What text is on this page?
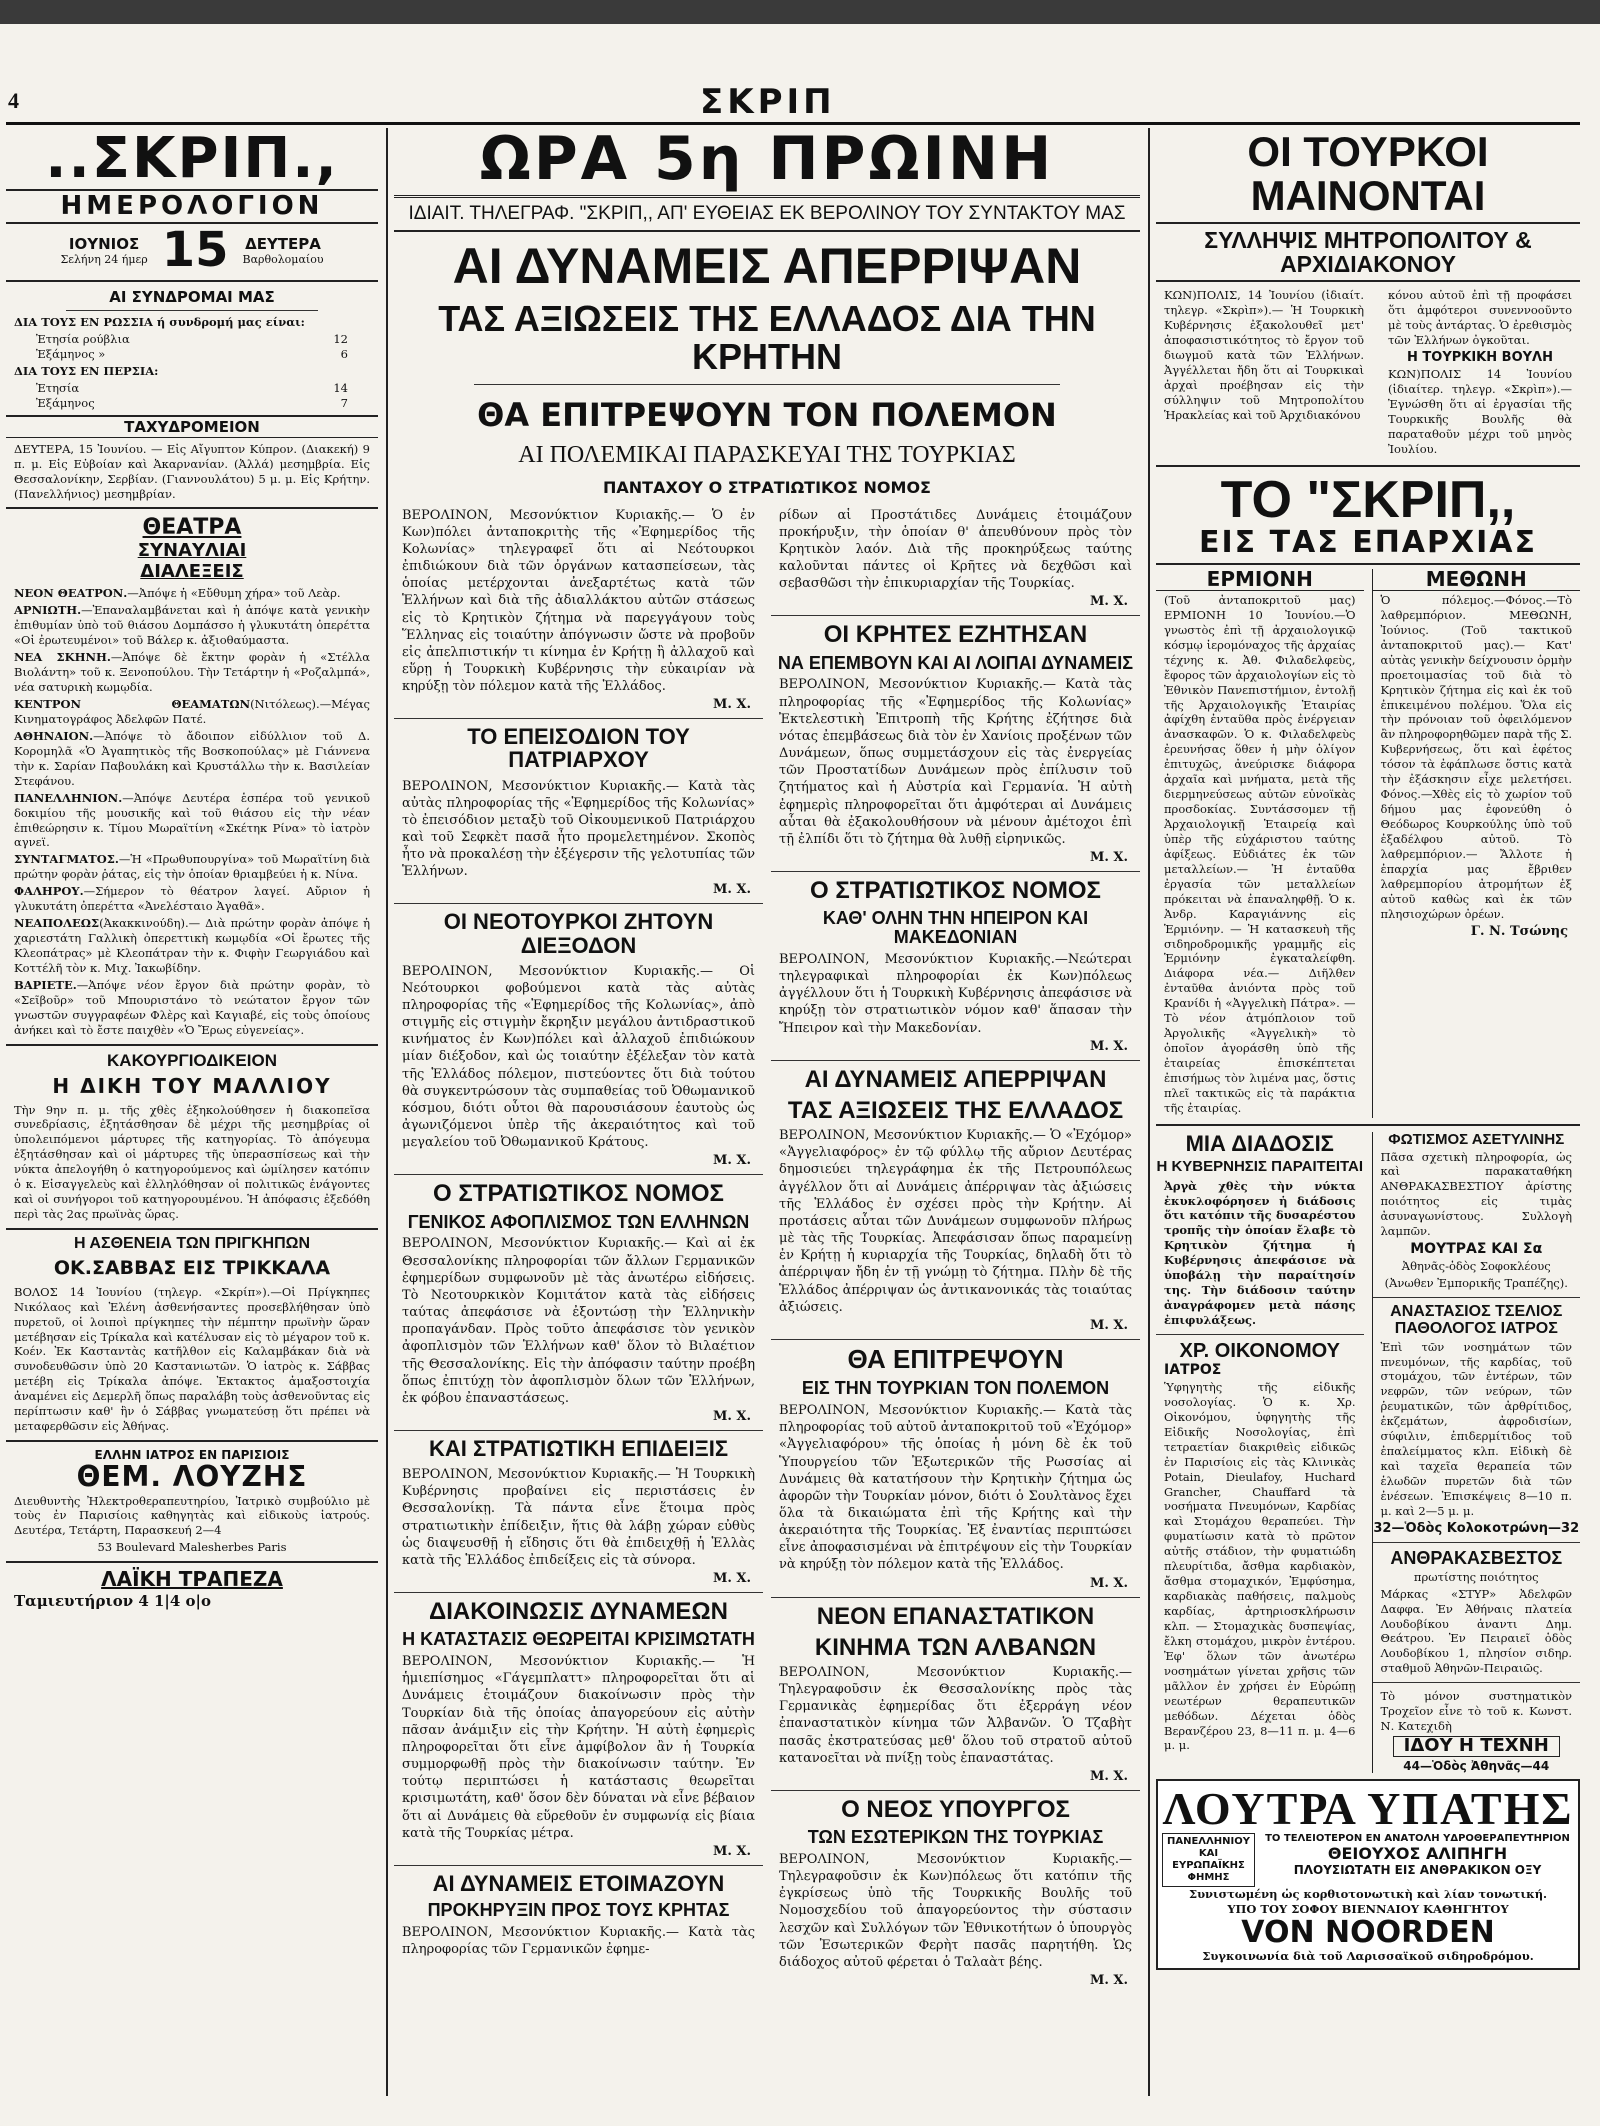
4	ΣΚΡΙΠ
..ΣΚΡΙΠ.,
ΗΜΕΡΟΛΟΓΙΟΝ
ΙΟΥΝΙΟΣ
Σελήνη 24 ήμερ 15 ΔΕΥΤΕΡΑ
Βαρθολομαίου
ΑΙ ΣΥΝΔΡΟΜΑΙ ΜΑΣ
ΔΙΑ ΤΟΥΣ ΕΝ ΡΩΣΣΙΑ ή συνδρομή μας είναι:
Ἐτησία ρούβλια	12
Ἐξάμηνος »	6
ΔΙΑ ΤΟΥΣ ΕΝ ΠΕΡΣΙΑ:
Ἐτησία	14
Ἐξάμηνος	7
ΤΑΧΥΔΡΟΜΕΙΟΝ
ΔΕΥΤΕΡΑ, 15 Ἰουνίου. — Εἰς Αἴγυπτον Κύπρον. (Διακεκή) 9 π. μ. Εἰς Εὐβοίαν καὶ Ἀκαρνανίαν. (Ἀλλά) μεσημβρία. Εἰς Θεσσαλονίκην, Σερβίαν. (Γιαννουλάτου) 5 μ. μ. Εἰς Κρήτην. (Πανελλήνιος) μεσημβρίαν.
ΘΕΑΤΡΑ
ΣΥΝΑΥΛΙΑΙ
ΔΙΑΛΕΞΕΙΣ
ΝΕΟΝ ΘΕΑΤΡΟΝ.—Ἀπόψε ἡ «Εὔθυμη χήρα» τοῦ Λεὰρ.
ΑΡΝΙΩΤΗ.—Ἐπαναλαμβάνεται καὶ ἡ ἀπόψε κατὰ γενικὴν ἐπιθυμίαν ὑπὸ τοῦ θιάσου Δομπάσσο ἡ γλυκυτάτη ὀπερέττα «Οἱ ἐρωτευμένοι» τοῦ Βάλερ κ. ἀξιοθαύμαστα.
ΝΕΑ ΣΚΗΝΗ.—Ἀπόψε δὲ ἔκτην φορὰν ἡ «Στέλλα Βιολάντη» τοῦ κ. Ξενοπούλου. Τὴν Τετάρτην ἡ «Ροζαλμπά», νέα σατυρικὴ κωμῳδία.
ΚΕΝΤΡΟΝ ΘΕΑΜΑΤΩΝ(Νιτόλεως).—Μέγας Κινηματογράφος Ἀδελφῶν Πατέ.
ΑΘΗΝΑΙΟΝ.—Ἀπόψε τὸ ἄδοιπον εἰδύλλιον τοῦ Δ. Κορομηλᾶ «Ὁ Ἀγαπητικὸς τῆς Βοσκοπούλας» μὲ Γιάννενα τὴν κ. Σαρίαν Παβουλάκη καὶ Κρυστάλλω τὴν κ. Βασιλείαν Στεφάνου.
ΠΑΝΕΛΛΗΝΙΟΝ.—Ἀπόψε Δευτέρα ἑσπέρα τοῦ γενικοῦ δοκιμίου τῆς μουσικῆς καὶ τοῦ θιάσου εἰς τὴν νέαν ἐπιθεώρησιν κ. Τίμου Μωραϊτίνη «Σκέτηκ Ρίνα» τὸ ἰατρὸν αγνεϊ.
ΣΥΝΤΑΓΜΑΤΟΣ.—Ἡ «Πρωθυπουργίνα» τοῦ Μωραϊτίνη διὰ πρώτην φορὰν ῥάτας, εἰς τὴν ὁποίαν θριαμβεύει ἡ κ. Νίνα.
ΦΑΛΗΡΟΥ.—Σήμερον τὸ θέατρον λαγεί. Αὔριον ἡ γλυκυτάτη ὀπερέττα «Ἀνελέσταιο Ἀγαθᾶ».
ΝΕΑΠΟΛΕΩΣ(Ἀκακκινούδη).— Διὰ πρώτην φορὰν ἀπόψε ἡ χαριεστάτη Γαλλικὴ ὀπερεττικὴ κωμῳδία «Οἱ ἔρωτες τῆς Κλεοπάτρας» μὲ Κλεοπάτραν τὴν κ. Φιφὴν Γεωργιάδου καὶ Κοττέλῆ τὸν κ. Μιχ. Ἰακωβίδην.
ΒΑΡΙΕΤΕ.—Ἀπόψε νέον ἔργον διὰ πρώτην φορὰν, τὸ «Σεῖβοῦρ» τοῦ Μπουριστάνο τὸ νεώτατον ἔργον τῶν γνωστῶν συγγραφέων Φλὲρς καὶ Καγιαβέ, εἰς τοὺς ὁποίους ἀνήκει καὶ τὸ ἔστε παιχθὲν «Ὁ Ἔρως εὐγενείας».
ΚΑΚΟΥΡΓΙΟΔΙΚΕΙΟΝ
Η ΔΙΚΗ ΤΟΥ ΜΑΛΛΙΟΥ
Τὴν 9ην π. μ. τῆς χθὲς ἐξηκολούθησεν ἡ διακοπεῖσα συνεδρίασις, ἐξητάσθησαν δὲ μέχρι τῆς μεσημβρίας οἱ ὑπολειπόμενοι μάρτυρες τῆς κατηγορίας. Τὸ ἀπόγευμα ἐξητάσθησαν καὶ οἱ μάρτυρες τῆς ὑπερασπίσεως καὶ τὴν νύκτα ἀπελογήθη ὁ κατηγορούμενος καὶ ὡμίλησεν κατόπιν ὁ κ. Εἰσαγγελεὺς καὶ ἐλληλόθησαν οἱ πολιτικῶς ἐνάγοντες καὶ οἱ συνήγοροι τοῦ κατηγορουμένου. Ἡ ἀπόφασις ἐξεδόθη περὶ τὰς 2ας πρωϊνὰς ὥρας.
Η ΑΣΘΕΝΕΙΑ ΤΩΝ ΠΡΙΓΚΗΠΩΝ
ΟΚ.ΣΑΒΒΑΣ ΕΙΣ ΤΡΙΚΚΑΛΑ
ΒΟΛΟΣ 14 Ἰουνίου (τηλεγρ. «Σκρίπ»).—Οἱ Πρίγκηπες Νικόλαος καὶ Ἑλένη ἀσθενήσαντες προσεβλήθησαν ὑπὸ πυρετοῦ, οἱ λοιποὶ πρίγκηπες τὴν πέμπτην πρωϊνὴν ὥραν μετέβησαν εἰς Τρίκαλα καὶ κατέλυσαν εἰς τὸ μέγαρον τοῦ κ. Κοέν. Ἐκ Κασταντὰς κατῆλθον εἰς Καλαμβάκαν διὰ νὰ συνοδευθῶσιν ὑπὸ 20 Καστανιωτῶν. Ὁ ἰατρὸς κ. Σάββας μετέβη εἰς Τρίκαλα ἀπόψε. Ἐκτακτος ἁμαξοστοιχία ἀναμένει εἰς Δεμερλῆ ὅπως παραλάβη τοὺς ἀσθενοῦντας εἰς περίπτωσιν καθ' ἣν ὁ Σάββας γνωματεύσῃ ὅτι πρέπει νὰ μεταφερθῶσιν εἰς Ἀθήνας.
ΕΛΛΗΝ ΙΑΤΡΟΣ ΕΝ ΠΑΡΙΣΙΟΙΣ
ΘΕΜ. ΛΟΥΖΗΣ
Διευθυντὴς Ἠλεκτροθεραπευτηρίου, Ἰατρικὸ συμβούλιο μὲ τοὺς ἐν Παρισίοις καθηγητὰς καὶ εἰδικοὺς ἰατρούς. Δευτέρα, Τετάρτη, Παρασκευή 2—4
53 Boulevard Malesherbes Paris
ΛΑΪΚΗ ΤΡΑΠΕΖΑ
Ταμιευτήριον 4 1|4 ο|ο
ΩΡΑ 5η ΠΡΩΙΝΗ
ΙΔΙΑΙΤ. ΤΗΛΕΓΡΑΦ. "ΣΚΡΙΠ,, ΑΠ' ΕΥΘΕΙΑΣ ΕΚ ΒΕΡΟΛΙΝΟΥ ΤΟΥ ΣΥΝΤΑΚΤΟΥ ΜΑΣ
ΑΙ ΔΥΝΑΜΕΙΣ ΑΠΕΡΡΙΨΑΝ
ΤΑΣ ΑΞΙΩΣΕΙΣ ΤΗΣ ΕΛΛΑΔΟΣ ΔΙΑ ΤΗΝ ΚΡΗΤΗΝ
ΘΑ ΕΠΙΤΡΕΨΟΥΝ ΤΟΝ ΠΟΛΕΜΟΝ
ΑΙ ΠΟΛΕΜΙΚΑΙ ΠΑΡΑΣΚΕΥΑΙ ΤΗΣ ΤΟΥΡΚΙΑΣ
ΠΑΝΤΑΧΟΥ Ο ΣΤΡΑΤΙΩΤΙΚΟΣ ΝΟΜΟΣ
ΒΕΡΟΛΙΝΟΝ, Μεσονύκτιον Κυριακῆς.— Ὁ ἐν Κων)πόλει ἀνταποκριτὴς τῆς «Ἐφημερίδος τῆς Κολωνίας» τηλεγραφεῖ ὅτι αἱ Νεότουρκοι ἐπιδιώκουν διὰ τῶν ὀργάνων κατασπείσεων, τὰς ὁποίας μετέρχονται ἀνεξαρτέτως κατὰ τῶν Ἑλλήνων καὶ διὰ τῆς ἀδιαλλάκτου αὐτῶν στάσεως εἰς τὸ Κρητικὸν ζήτημα νὰ παρεγγάγουν τοὺς Ἕλληνας εἰς τοιαύτην ἀπόγνωσιν ὥστε νὰ προβοῦν εἰς ἀπελπιστικήν τι κίνημα ἐν Κρήτῃ ἢ ἀλλαχοῦ καὶ εὕρῃ ἡ Τουρκικὴ Κυβέρνησις τὴν εὐκαιρίαν νὰ κηρύξῃ τὸν πόλεμον κατὰ τῆς Ἑλλάδος.
Μ. Χ.
ΤΟ ΕΠΕΙΣΟΔΙΟΝ ΤΟΥ ΠΑΤΡΙΑΡΧΟΥ
ΒΕΡΟΛΙΝΟΝ, Μεσονύκτιον Κυριακῆς.— Κατὰ τὰς αὐτὰς πληροφορίας τῆς «Ἐφημερίδος τῆς Κολωνίας» τὸ ἐπεισόδιον μεταξὺ τοῦ Οἰκουμενικοῦ Πατριάρχου καὶ τοῦ Σεφκὲτ πασᾶ ἦτο προμελετημένον. Σκοπὸς ἦτο νὰ προκαλέσῃ τὴν ἐξέγερσιν τῆς γελοτυπίας τῶν Ἑλλήνων.
Μ. Χ.
ΟΙ ΝΕΟΤΟΥΡΚΟΙ ΖΗΤΟΥΝ ΔΙΕΞΟΔΟΝ
ΒΕΡΟΛΙΝΟΝ, Μεσονύκτιον Κυριακῆς.— Οἱ Νεότουρκοι φοβούμενοι κατὰ τὰς αὐτὰς πληροφορίας τῆς «Ἐφημερίδος τῆς Κολωνίας», ἀπὸ στιγμῆς εἰς στιγμὴν ἔκρηξιν μεγάλου ἀντιδραστικοῦ κινήματος ἐν Κων)πόλει καὶ ἀλλαχοῦ ἐπιδιώκουν μίαν διέξοδον, καὶ ὡς τοιαύτην ἐξέλεξαν τὸν κατὰ τῆς Ἑλλάδος πόλεμον, πιστεύοντες ὅτι διὰ τούτου θὰ συγκεντρώσουν τὰς συμπαθείας τοῦ Ὀθωμανικοῦ κόσμου, διότι οὗτοι θὰ παρουσιάσουν ἑαυτοὺς ὡς ἀγωνιζόμενοι ὑπὲρ τῆς ἀκεραιότητος καὶ τοῦ μεγαλείου τοῦ Ὀθωμανικοῦ Κράτους.
Μ. Χ.
Ο ΣΤΡΑΤΙΩΤΙΚΟΣ ΝΟΜΟΣ
ΓΕΝΙΚΟΣ ΑΦΟΠΛΙΣΜΟΣ ΤΩΝ ΕΛΛΗΝΩΝ
ΒΕΡΟΛΙΝΟΝ, Μεσονύκτιον Κυριακῆς.— Καὶ αἱ ἐκ Θεσσαλονίκης πληροφορίαι τῶν ἄλλων Γερμανικῶν ἐφημερίδων συμφωνοῦν μὲ τὰς ἀνωτέρω εἰδήσεις. Τὸ Νεοτουρκικὸν Κομιτάτον κατὰ τὰς εἰδήσεις ταύτας ἀπεφάσισε νὰ ἐξοντώσῃ τὴν Ἑλληνικὴν προπαγάνδαν. Πρὸς τοῦτο ἀπεφάσισε τὸν γενικὸν ἀφοπλισμὸν τῶν Ἑλλήνων καθ' ὅλον τὸ Βιλαέτιον τῆς Θεσσαλονίκης. Εἰς τὴν ἀπόφασιν ταύτην προέβη ὅπως ἐπιτύχῃ τὸν ἀφοπλισμὸν ὅλων τῶν Ἑλλήνων, ἐκ φόβου ἐπαναστάσεως.
Μ. Χ.
ΚΑΙ ΣΤΡΑΤΙΩΤΙΚΗ ΕΠΙΔΕΙΞΙΣ
ΒΕΡΟΛΙΝΟΝ, Μεσονύκτιον Κυριακῆς.— Ἡ Τουρκικὴ Κυβέρνησις προβαίνει εἰς περιστάσεις ἐν Θεσσαλονίκῃ. Τὰ πάντα εἶνε ἕτοιμα πρὸς στρατιωτικὴν ἐπίδειξιν, ἥτις θὰ λάβῃ χώραν εὐθὺς ὡς διαψευσθῇ ἡ εἴδησις ὅτι θὰ ἐπιδειχθῇ ἡ Ἑλλὰς κατὰ τῆς Ἑλλάδος ἐπιδείξεις εἰς τὰ σύνορα.
Μ. Χ.
ΔΙΑΚΟΙΝΩΣΙΣ ΔΥΝΑΜΕΩΝ
Η ΚΑΤΑΣΤΑΣΙΣ ΘΕΩΡΕΙΤΑΙ ΚΡΙΣΙΜΩΤΑΤΗ
ΒΕΡΟΛΙΝΟΝ, Μεσονύκτιον Κυριακῆς.— Ἡ ἡμιεπίσημος «Γάγεμπλαττ» πληροφορεῖται ὅτι αἱ Δυνάμεις ἑτοιμάζουν διακοίνωσιν πρὸς τὴν Τουρκίαν διὰ τῆς ὁποίας ἀπαγορεύουν εἰς αὐτὴν πᾶσαν ἀνάμιξιν εἰς τὴν Κρήτην. Ἡ αὐτὴ ἐφημερὶς πληροφορεῖται ὅτι εἶνε ἀμφίβολον ἂν ἡ Τουρκία συμμορφωθῇ πρὸς τὴν διακοίνωσιν ταύτην. Ἐν τούτῳ περιπτώσει ἡ κατάστασις θεωρεῖται κρισιμωτάτη, καθ' ὅσον δὲν δύναται νὰ εἶνε βέβαιον ὅτι αἱ Δυνάμεις θὰ εὕρεθοῦν ἐν συμφωνίᾳ εἰς βίαια κατὰ τῆς Τουρκίας μέτρα.
Μ. Χ.
ΑΙ ΔΥΝΑΜΕΙΣ ΕΤΟΙΜΑΖΟΥΝ
ΠΡΟΚΗΡΥΞΙΝ ΠΡΟΣ ΤΟΥΣ ΚΡΗΤΑΣ
ΒΕΡΟΛΙΝΟΝ, Μεσονύκτιον Κυριακῆς.— Κατὰ τὰς πληροφορίας τῶν Γερμανικῶν ἐφημε-
ρίδων αἱ Προστάτιδες Δυνάμεις ἑτοιμάζουν προκήρυξιν, τὴν ὁποίαν θ' ἀπευθύνουν πρὸς τὸν Κρητικὸν λαόν. Διὰ τῆς προκηρύξεως ταύτης καλοῦνται πάντες οἱ Κρῆτες νὰ δεχθῶσι καὶ σεβασθῶσι τὴν ἐπικυριαρχίαν τῆς Τουρκίας.
Μ. Χ.
ΟΙ ΚΡΗΤΕΣ ΕΖΗΤΗΣΑΝ
ΝΑ ΕΠΕΜΒΟΥΝ ΚΑΙ ΑΙ ΛΟΙΠΑΙ ΔΥΝΑΜΕΙΣ
ΒΕΡΟΛΙΝΟΝ, Μεσονύκτιον Κυριακῆς.— Κατὰ τὰς πληροφορίας τῆς «Ἐφημερίδος τῆς Κολωνίας» Ἐκτελεστικὴ Ἐπιτροπὴ τῆς Κρήτης ἐζήτησε διὰ νότας ἐπεμβάσεως διὰ τὸν ἐν Χανίοις προξένων τῶν Δυνάμεων, ὅπως συμμετάσχουν εἰς τὰς ἐνεργείας τῶν Προστατίδων Δυνάμεων πρὸς ἐπίλυσιν τοῦ ζητήματος καὶ ἡ Αὐστρία καὶ Γερμανία. Ἡ αὐτὴ ἐφημερὶς πληροφορεῖται ὅτι ἀμφότεραι αἱ Δυνάμεις αὗται θὰ ἐξακολουθήσουν νὰ μένουν ἀμέτοχοι ἐπὶ τῇ ἐλπίδι ὅτι τὸ ζήτημα θὰ λυθῇ εἰρηνικῶς.
Μ. Χ.
Ο ΣΤΡΑΤΙΩΤΙΚΟΣ ΝΟΜΟΣ
ΚΑΘ' ΟΛΗΝ ΤΗΝ ΗΠΕΙΡΟΝ ΚΑΙ ΜΑΚΕΔΟΝΙΑΝ
ΒΕΡΟΛΙΝΟΝ, Μεσονύκτιον Κυριακῆς.—Νεώτεραι τηλεγραφικαὶ πληροφορίαι ἐκ Κων)πόλεως ἀγγέλλουν ὅτι ἡ Τουρκικὴ Κυβέρνησις ἀπεφάσισε νὰ κηρύξῃ τὸν στρατιωτικὸν νόμον καθ' ἅπασαν τὴν Ἤπειρον καὶ τὴν Μακεδονίαν.
Μ. Χ.
ΑΙ ΔΥΝΑΜΕΙΣ ΑΠΕΡΡΙΨΑΝ
ΤΑΣ ΑΞΙΩΣΕΙΣ ΤΗΣ ΕΛΛΑΔΟΣ
ΒΕΡΟΛΙΝΟΝ, Μεσονύκτιον Κυριακῆς.— Ὁ «Ἐχόμορ» «Ἀγγελιαφόρος» ἐν τῷ φύλλῳ τῆς αὔριον Δευτέρας δημοσιεύει τηλεγράφημα ἐκ τῆς Πετρουπόλεως ἀγγέλλον ὅτι αἱ Δυνάμεις ἀπέρριψαν τὰς ἀξιώσεις τῆς Ἑλλάδος ἐν σχέσει πρὸς τὴν Κρήτην. Αἱ προτάσεις αὗται τῶν Δυνάμεων συμφωνοῦν πλήρως μὲ τὰς τῆς Τουρκίας. Ἀπεφάσισαν ὅπως παραμείνῃ ἐν Κρήτῃ ἡ κυριαρχία τῆς Τουρκίας, δηλαδὴ ὅτι τὸ ἀπέρριψαν ἤδη ἐν τῇ γνώμῃ τὸ ζήτημα. Πλὴν δὲ τῆς Ἑλλάδος ἀπέρριψαν ὡς ἀντικανονικάς τὰς τοιαύτας ἀξιώσεις.
Μ. Χ.
ΘΑ ΕΠΙΤΡΕΨΟΥΝ
ΕΙΣ ΤΗΝ ΤΟΥΡΚΙΑΝ ΤΟΝ ΠΟΛΕΜΟΝ
ΒΕΡΟΛΙΝΟΝ, Μεσονύκτιον Κυριακῆς.— Κατὰ τὰς πληροφορίας τοῦ αὐτοῦ ἀνταποκριτοῦ τοῦ «Ἐχόμορ» «Ἀγγελιαφόρου» τῆς ὁποίας ἡ μόνη δὲ ἐκ τοῦ Ὑπουργείου τῶν Ἐξωτερικῶν τῆς Ρωσσίας αἱ Δυνάμεις θὰ κατατήσουν τὴν Κρητικὴν ζήτημα ὡς ἀφορῶν τὴν Τουρκίαν μόνον, διότι ὁ Σουλτὰνος ἔχει ὅλα τὰ δικαιώματα ἐπὶ τῆς Κρήτης καὶ τὴν ἀκεραιότητα τῆς Τουρκίας. Ἐξ ἐναντίας περιπτώσει εἶνε ἀποφασισμέναι νὰ ἐπιτρέψουν εἰς τὴν Τουρκίαν νὰ κηρύξῃ τὸν πόλεμον κατὰ τῆς Ἑλλάδος.
Μ. Χ.
ΝΕΟΝ ΕΠΑΝΑΣΤΑΤΙΚΟΝ
ΚΙΝΗΜΑ ΤΩΝ ΑΛΒΑΝΩΝ
ΒΕΡΟΛΙΝΟΝ, Μεσονύκτιον Κυριακῆς.— Τηλεγραφοῦσιν ἐκ Θεσσαλονίκης πρὸς τὰς Γερμανικὰς ἐφημερίδας ὅτι ἐξερράγη νέον ἐπαναστατικὸν κίνημα τῶν Ἀλβανῶν. Ὁ Τζαβὴτ πασᾶς ἐκστρατεύσας μεθ' ὅλου τοῦ στρατοῦ αὐτοῦ κατανοεῖται νὰ πνίξῃ τοὺς ἐπαναστάτας.
Μ. Χ.
Ο ΝΕΟΣ ΥΠΟΥΡΓΟΣ
ΤΩΝ ΕΣΩΤΕΡΙΚΩΝ ΤΗΣ ΤΟΥΡΚΙΑΣ
ΒΕΡΟΛΙΝΟΝ, Μεσονύκτιον Κυριακῆς.— Τηλεγραφοῦσιν ἐκ Κων)πόλεως ὅτι κατόπιν τῆς ἐγκρίσεως ὑπὸ τῆς Τουρκικῆς Βουλῆς τοῦ Νομοσχεδίου τοῦ ἀπαγορεύοντος τὴν σύστασιν λεσχῶν καὶ Συλλόγων τῶν Ἐθνικοτήτων ὁ ὑπουργὸς τῶν Ἐσωτερικῶν Φερὴτ πασᾶς παρητήθη. Ὡς διάδοχος αὐτοῦ φέρεται ὁ Ταλαὰτ βέης.
Μ. Χ.
ΟΙ ΤΟΥΡΚΟΙ ΜΑΙΝΟΝΤΑΙ
ΣΥΛΛΗΨΙΣ ΜΗΤΡΟΠΟΛΙΤΟΥ & ΑΡΧΙΔΙΑΚΟΝΟΥ
ΚΩΝ)ΠΟΛΙΣ, 14 Ἰουνίου (ἰδιαίτ. τηλεγρ. «Σκρὶπ»).— Ἡ Τουρκικὴ Κυβέρνησις ἐξακολουθεῖ μετ' ἀποφασιστικότητος τὸ ἔργον τοῦ διωγμοῦ κατὰ τῶν Ἑλλήνων. Ἀγγέλλεται ἤδη ὅτι αἱ Τουρκικαὶ ἀρχαὶ προέβησαν εἰς τὴν σύλληψιν τοῦ Μητροπολίτου Ἡρακλείας καὶ τοῦ Ἀρχιδιακόνου
κόνου αὐτοῦ ἐπὶ τῇ προφάσει ὅτι ἀμφότεροι συνεννοοῦντο μὲ τοὺς ἀντάρτας. Ὁ ἐρεθισμὸς τῶν Ἑλλήνων ὀγκοῦται.
Η ΤΟΥΡΚΙΚΗ ΒΟΥΛΗ
ΚΩΝ)ΠΟΛΙΣ 14 Ἰουνίου (ἰδιαίτερ. τηλεγρ. «Σκρὶπ»).— Ἐγνώσθη ὅτι αἱ ἐργασίαι τῆς Τουρκικῆς Βουλῆς θὰ παραταθοῦν μέχρι τοῦ μηνὸς Ἰουλίου.
ΤΟ "ΣΚΡΙΠ,,
ΕΙΣ ΤΑΣ ΕΠΑΡΧΙΑΣ
ΕΡΜΙΟΝΗ
(Τοῦ ἀνταποκριτοῦ μας) ΕΡΜΙΟΝΗ 10 Ἰουνίου.—Ὁ γνωστὸς ἐπὶ τῇ ἀρχαιολογικῷ κόσμῳ ἱερομόναχος τῆς ἀρχαίας τέχνης κ. Ἀθ. Φιλαδελφεὺς, ἔφορος τῶν ἀρχαιολογίων εἰς τὸ Ἐθνικὸν Πανεπιστήμιον, ἐντολῇ τῆς Ἀρχαιολογικῆς Ἑταιρίας ἀφίχθη ἐνταῦθα πρὸς ἐνέργειαν ἀνασκαφῶν. Ὁ κ. Φιλαδελφεὺς ἐρευνήσας ὅθεν ἡ μὴν ὁλίγον ἐπιτυχῶς, ἀνεύρισκε διάφορα ἀρχαῖα καὶ μνήματα, μετὰ τῆς διερμηνεύσεως αὐτῶν εὐνοϊκὰς προσδοκίας. Συντάσσομεν τῇ Ἀρχαιολογικῇ Ἑταιρείᾳ καὶ ὑπὲρ τῆς εὐχάριστου ταύτης ἀφίξεως. Εὐδιάτες ἐκ τῶν μεταλλείων.— Ἡ ἐνταῦθα ἐργασία τῶν μεταλλείων πρόκειται νὰ ἐπαναληφθῇ. Ὁ κ. Ἀνδρ. Καραγιάννης εἰς Ἑρμιόνην. — Ἡ κατασκευὴ τῆς σιδηροδρομικῆς γραμμῆς εἰς Ἑρμιόνην ἐγκαταλείφθη. Διάφορα νέα.— Διῆλθεν ἐνταῦθα ἀνιόντα πρὸς τοῦ Κρανίδι ἡ «Ἀγγελικὴ Πάτρα». — Τὸ νέον ἀτμόπλοιον τοῦ Ἀργολικῆς «Ἀγγελικὴ» τὸ ὁποῖον ἀγοράσθη ὑπὸ τῆς ἐταιρείας ἐπισκέπτεται ἐπισήμως τὸν λιμένα μας, ὅστις πλεῖ τακτικῶς εἰς τὰ παράκτια τῆς ἐταιρίας.
ΜΕΘΩΝΗ
Ὁ πόλεμος.—Φόνος.—Τὸ λαθρεμπόριον. ΜΕΘΩΝΗ, Ἰούνιος. (Τοῦ τακτικοῦ ἀνταποκριτοῦ μας).— Κατ' αὐτὰς γενικὴν δείχνουσιν ὁρμὴν προετοιμασίας τοῦ διὰ τὸ Κρητικὸν ζήτημα εἰς καὶ ἐκ τοῦ ἐπικειμένου πολέμου. Ὅλα εἰς τὴν πρόνοιαν τοῦ ὀφειλόμενον ἂν πληροφορηθῶμεν παρὰ τῆς Σ. Κυβερνήσεως, ὅτι καὶ ἐφέτος τόσον τὰ ἐφάπλωσε ὅστις κατὰ τὴν ἐξάσκησιν εἶχε μελετήσει. Φόνος.—Χθὲς εἰς τὸ χωρίον τοῦ δήμου μας ἐφονεύθη ὁ Θεόδωρος Κουρκούλης ὑπὸ τοῦ ἐξαδέλφου αὐτοῦ. Τὸ λαθρεμπόριον.— Ἄλλοτε ἡ ἐπαρχία μας ἔβριθεν λαθρεμπορίου ἀτρομήτων ἐξ αὐτοῦ καθὼς καὶ ἐκ τῶν πλησιοχώρων ὀρέων.
Γ. Ν. Τσώνης
ΜΙΑ ΔΙΑΔΟΣΙΣ
Η ΚΥΒΕΡΝΗΣΙΣ ΠΑΡΑΙΤΕΙΤΑΙ
Ἀργὰ χθὲς τὴν νύκτα ἐκυκλοφόρησεν ἡ διάδοσις ὅτι κατόπιν τῆς δυσαρέστου τροπῆς τὴν ὁποίαν ἔλαβε τὸ Κρητικὸν ζήτημα ἡ Κυβέρνησις ἀπεφάσισε νὰ ὑποβάλῃ τὴν παραίτησίν της. Τὴν διάδοσιν ταύτην ἀναγράφομεν μετὰ πάσης ἐπιφυλάξεως.
ΧΡ. ΟΙΚΟΝΟΜΟΥ
ΙΑΤΡΟΣ
Ὑφηγητὴς τῆς εἰδικῆς νοσολογίας. Ὁ κ. Χρ. Οἰκονόμου, ὑφηγητὴς τῆς Εἰδικῆς Νοσολογίας, ἐπὶ τετραετίαν διακριθεὶς εἰδικῶς ἐν Παρισίοις εἰς τὰς Κλινικὰς Potain, Dieulafoy, Huchard Grancher, Chauffard τὰ νοσήματα Πνευμόνων, Καρδίας καὶ Στομάχου θεραπεύει. Τὴν φυματίωσιν κατὰ τὸ πρῶτον αὐτῆς στάδιον, τὴν φυματιώδη πλευρίτιδα, ἄσθμα καρδιακὸν, ἄσθμα στομαχικόν, Ἐμφύσημα, καρδιακὰς παθήσεις, παλμοὺς καρδίας, ἀρτηριοσκλήρωσιν κλπ. — Στομαχικὰς δυσπεψίας, ἔλκη στομάχου, μικρὸν ἐντέρου. Ἐφ' ὅλων τῶν ἀνωτέρω νοσημάτων γίνεται χρῆσις τῶν μᾶλλον ἐν χρήσει ἐν Εὐρώπῃ νεωτέρων θεραπευτικῶν μεθόδων. Δέχεται ὁδὸς Βερανζέρου 23, 8—11 π. μ. 4—6 μ. μ.
ΦΩΤΙΣΜΟΣ ΑΣΕΤΥΛΙΝΗΣ
Πᾶσα σχετικὴ πληροφορία, ὡς καὶ παρακαταθήκη ΑΝΘΡΑΚΑΣΒΕΣΤΙΟΥ ἀρίστης ποιότητος εἰς τιμὰς ἀσυναγωνίστους. Συλλογὴ λαμπῶν.
ΜΟΥΤΡΑΣ ΚΑΙ Σα
Ἀθηνᾶς-ὁδὸς Σοφοκλέους
(Ἀνωθεν Ἐμπορικῆς Τραπέζης).
ΑΝΑΣΤΑΣΙΟΣ ΤΣΕΛΙΟΣ
ΠΑΘΟΛΟΓΟΣ ΙΑΤΡΟΣ
Ἐπὶ τῶν νοσημάτων τῶν πνευμόνων, τῆς καρδίας, τοῦ στομάχου, τῶν ἐντέρων, τῶν νεφρῶν, τῶν νεύρων, τῶν ῥευματικῶν, τῶν ἀρθρίτιδος, ἐκζεμάτων, ἀφροδισίων, σύφιλιν, ἐπιδερμίτιδος τοῦ ἐπαλείμματος κλπ. Εἰδικὴ δὲ καὶ ταχεῖα θεραπεία τῶν ἑλωδῶν πυρετῶν διὰ τῶν ἐνέσεων. Ἐπισκέψεις 8—10 π. μ. καὶ 2—5 μ. μ.
32—Ὁδὸς Κολοκοτρώνη—32
ΑΝΘΡΑΚΑΣΒΕΣΤΟΣ
πρωτίστης ποιότητος
Μάρκας «ΣΤΥΡ» Ἀδελφῶν Δαφφα. Ἐν Ἀθήναις πλατεία Λουδοβίκου ἀναντι Δημ. Θεάτρου. Ἐν Πειραιεῖ ὁδὸς Λουδοβίκου 1, πλησίον σιδηρ. σταθμοῦ Ἀθηνῶν-Πειραιῶς.
Τὸ μόνον συστηματικὸν Τροχεῖον εἶνε τὸ τοῦ κ. Κωνστ. Ν. Κατεχιδὴ
ΙΔΟΥ Η ΤΕΧΝΗ
44—Ὁδὸς Ἀθηνᾶς—44
ΛΟΥΤΡΑ ΥΠΑΤΗΣ
ΠΑΝΕΛΛΗΝΙΟΥ
ΚΑΙ
ΕΥΡΩΠΑΪΚΗΣ
ΦΗΜΗΣ
ΤΟ ΤΕΛΕΙΟΤΕΡΟΝ ΕΝ ΑΝΑΤΟΛΗ ΥΔΡΟΘΕΡΑΠΕΥΤΗΡΙΟΝ
ΘΕΙΟΥΧΟΣ ΑΛΙΠΗΓΗ
ΠΛΟΥΣΙΩΤΑΤΗ ΕΙΣ ΑΝΘΡΑΚΙΚΟΝ ΟΞΥ
Συνιστωμένη ὡς κορθιοτονωτικὴ καὶ λίαν τονωτική.
ΥΠΟ ΤΟΥ ΣΟΦΟΥ ΒΙΕΝΝΑΙΟΥ ΚΑΘΗΓΗΤΟΥ
VON NOORDEN
Συγκοινωνία διὰ τοῦ Λαρισσαϊκοῦ σιδηροδρόμου.
